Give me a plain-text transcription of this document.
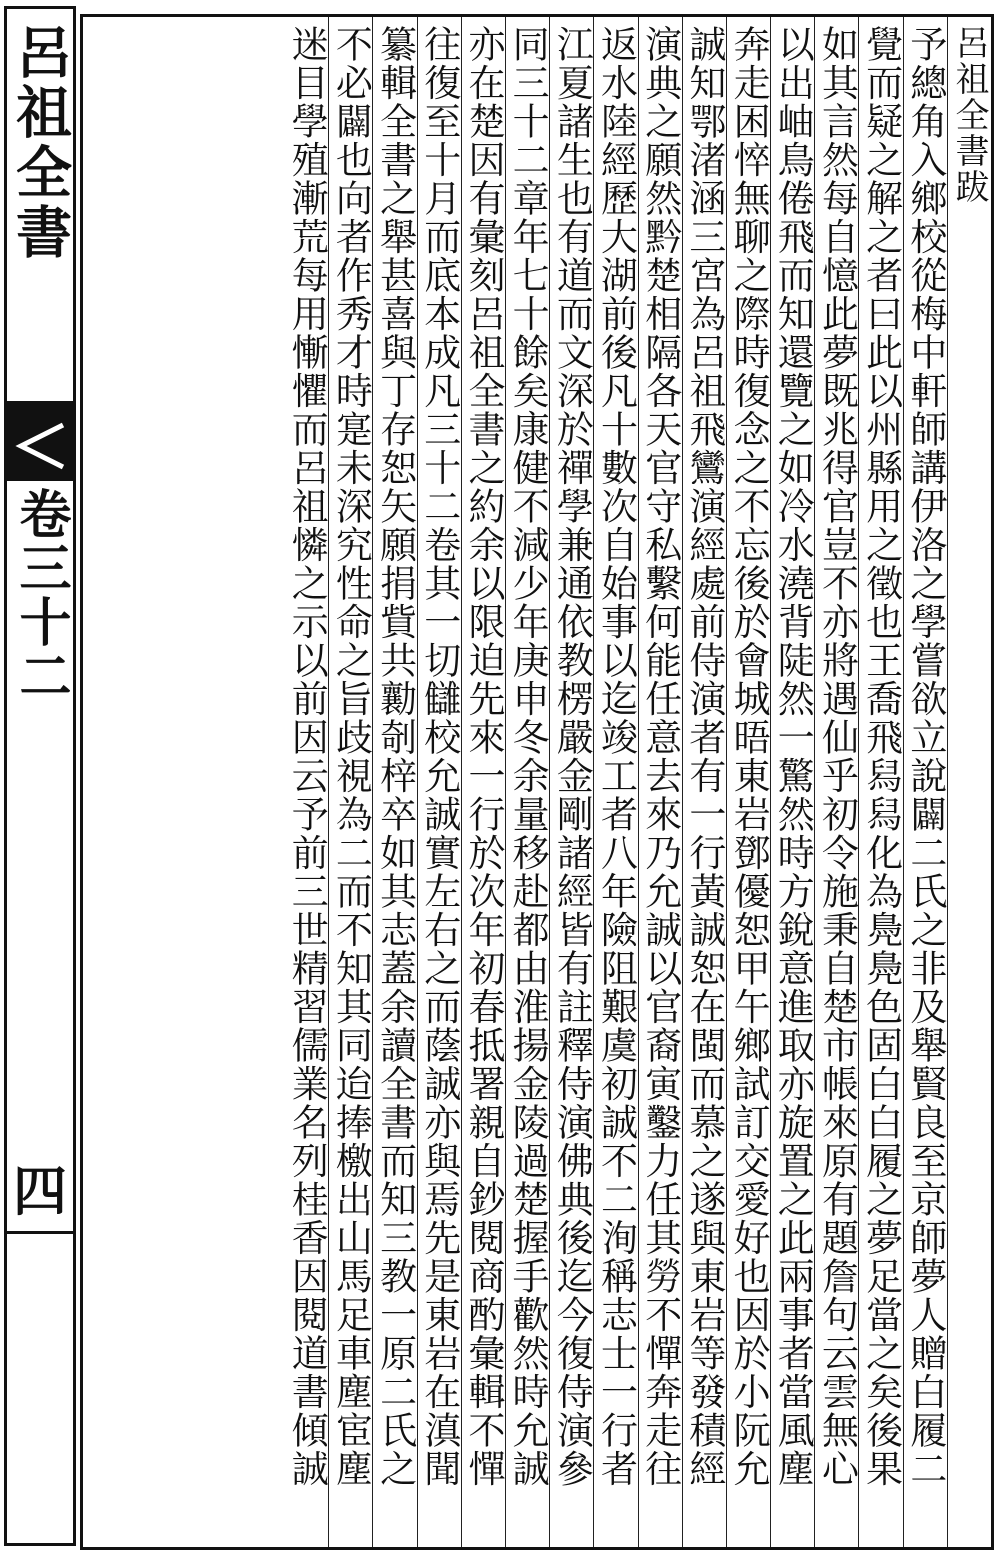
呂祖全書
卷三十二
四
呂祖全書跋
予總角入鄉校從梅中軒師講伊洛之學嘗欲立說闢二氏之非及舉賢良至京師夢人贈白履二
覺而疑之解之者曰此以州縣用之徵也王喬飛舄舄化為鳧鳧色固白白履之夢足當之矣後果
如其言然每自憶此夢既兆得官豈不亦將遇仙乎初令施秉自楚市帳來原有題詹句云雲無心
以出岫鳥倦飛而知還覽之如冷水澆背陡然一驚然時方銳意進取亦旋置之此兩事者當風塵
奔走困悴無聊之際時復念之不忘後於會城晤東岩鄧優恕甲午鄉試訂交愛好也因於小阮允
誠知鄂渚涵三宮為呂祖飛鸞演經處前侍演者有一行黃誠恕在閩而慕之遂與東岩等發積經
演典之願然黔楚相隔各天官守私繫何能任意去來乃允誠以官裔寅鑿力任其勞不憚奔走往
返水陸經歷大湖前後凡十數次自始事以迄竣工者八年險阻艱虞初誠不二洵稱志士一行者
江夏諸生也有道而文深於禪學兼通依教楞嚴金剛諸經皆有註釋侍演佛典後迄今復侍演參
同三十二章年七十餘矣康健不減少年庚申冬余量移赴都由淮揚金陵過楚握手歡然時允誠
亦在楚因有彙刻呂祖全書之約余以限迫先來一行於次年初春抵署親自鈔閱商酌彙輯不憚
往復至十月而底本成凡三十二卷其一切讎校允誠實左右之而蔭誠亦與焉先是東岩在滇聞
纂輯全書之舉甚喜與丁存恕矢願捐貲共勷剞梓卒如其志蓋余讀全書而知三教一原二氏之
不必闢也向者作秀才時寔未深究性命之旨歧視為二而不知其同迨捧檄出山馬足車塵宦塵
迷目學殖漸荒每用慚懼而呂祖憐之示以前因云予前三世精習儒業名列桂香因閱道書傾誠
